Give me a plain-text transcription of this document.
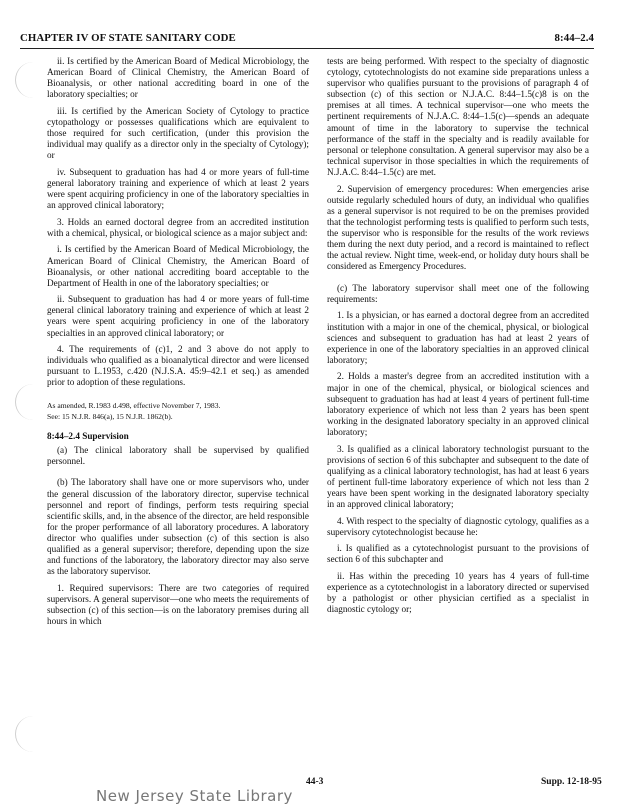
CHAPTER IV OF STATE SANITARY CODE	8:44–2.4

ii. Is certified by the American Board of Medical Microbiology, the American Board of Clinical Chemistry, the American Board of Bioanalysis, or other national accrediting board in one of the laboratory specialties; or

iii. Is certified by the American Society of Cytology to practice cytopathology or possesses qualifications which are equivalent to those required for such certification, (under this provision the individual may qualify as a director only in the specialty of Cytology); or

iv. Subsequent to graduation has had 4 or more years of full-time general laboratory training and experience of which at least 2 years were spent acquiring proficiency in one of the laboratory specialties in an approved clinical laboratory;

3. Holds an earned doctoral degree from an accredited institution with a chemical, physical, or biological science as a major subject and:

i. Is certified by the American Board of Medical Microbiology, the American Board of Clinical Chemistry, the American Board of Bioanalysis, or other national accrediting board acceptable to the Department of Health in one of the laboratory specialties; or

ii. Subsequent to graduation has had 4 or more years of full-time general clinical laboratory training and experience of which at least 2 years were spent acquiring proficiency in one of the laboratory specialties in an approved clinical laboratory; or

4. The requirements of (c)1, 2 and 3 above do not apply to individuals who qualified as a bioanalytical director and were licensed pursuant to L.1953, c.420 (N.J.S.A. 45:9–42.1 et seq.) as amended prior to adoption of these regulations.

As amended, R.1983 d.498, effective November 7, 1983.

See: 15 N.J.R. 846(a), 15 N.J.R. 1862(b).

8:44–2.4 Supervision

(a) The clinical laboratory shall be supervised by qualified personnel.

(b) The laboratory shall have one or more supervisors who, under the general discussion of the laboratory director, supervise technical personnel and report of findings, perform tests requiring special scientific skills, and, in the absence of the director, are held responsible for the proper performance of all laboratory procedures. A laboratory director who qualifies under subsection (c) of this section is also qualified as a general supervisor; therefore, depending upon the size and functions of the laboratory, the laboratory director may also serve as the laboratory supervisor.

1. Required supervisors: There are two categories of required supervisors. A general supervisor—one who meets the requirements of subsection (c) of this section—is on the laboratory premises during all hours in which

tests are being performed. With respect to the specialty of diagnostic cytology, cytotechnologists do not examine side preparations unless a supervisor who qualifies pursuant to the provisions of paragraph 4 of subsection (c) of this section or N.J.A.C. 8:44–1.5(c)8 is on the premises at all times. A technical supervisor—one who meets the pertinent requirements of N.J.A.C. 8:44–1.5(c)—spends an adequate amount of time in the laboratory to supervise the technical performance of the staff in the specialty and is readily available for personal or telephone consultation. A general supervisor may also be a technical supervisor in those specialties in which the requirements of N.J.A.C. 8:44–1.5(c) are met.

2. Supervision of emergency procedures: When emergencies arise outside regularly scheduled hours of duty, an individual who qualifies as a general supervisor is not required to be on the premises provided that the technologist performing tests is qualified to perform such tests, the supervisor who is responsible for the results of the work reviews them during the next duty period, and a record is maintained to reflect the actual review. Night time, week-end, or holiday duty hours shall be considered as Emergency Procedures.

(c) The laboratory supervisor shall meet one of the following requirements:

1. Is a physician, or has earned a doctoral degree from an accredited institution with a major in one of the chemical, physical, or biological sciences and subsequent to graduation has had at least 2 years of experience in one of the laboratory specialties in an approved clinical laboratory;

2. Holds a master's degree from an accredited institution with a major in one of the chemical, physical, or biological sciences and subsequent to graduation has had at least 4 years of pertinent full-time laboratory experience of which not less than 2 years has been spent working in the designated laboratory specialty in an approved clinical laboratory;

3. Is qualified as a clinical laboratory technologist pursuant to the provisions of section 6 of this subchapter and subsequent to the date of qualifying as a clinical laboratory technologist, has had at least 6 years of pertinent full-time laboratory experience of which not less than 2 years have been spent working in the designated laboratory specialty in an approved clinical laboratory;

4. With respect to the specialty of diagnostic cytology, qualifies as a supervisory cytotechnologist because he:

i. Is qualified as a cytotechnologist pursuant to the provisions of section 6 of this subchapter and

ii. Has within the preceding 10 years has 4 years of full-time experience as a cytotechnologist in a laboratory directed or supervised by a pathologist or other physician certified as a specialist in diagnostic cytology or;

44-3	Supp. 12-18-95
New Jersey State Library
